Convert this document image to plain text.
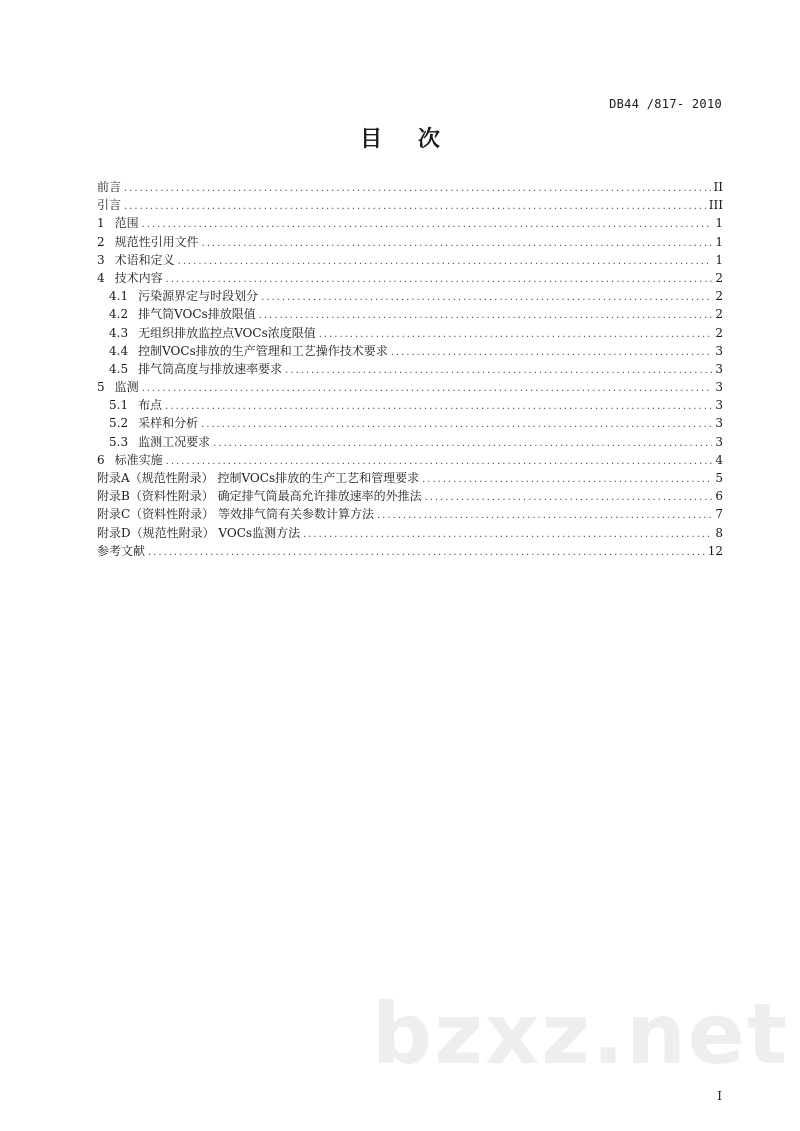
DB44 /817- 2010
目 次
前言 .....	II
引言 .....	III
1 范围 .....	1
2 规范性引用文件 .....	1
3 术语和定义 .....	1
4 技术内容 .....	2
4.1 污染源界定与时段划分 .....	2
4.2 排气筒VOCs排放限值 .....	2
4.3 无组织排放监控点VOCs浓度限值 .....	2
4.4 控制VOCs排放的生产管理和工艺操作技术要求 .....	3
4.5 排气筒高度与排放速率要求 .....	3
5 监测 .....	3
5.1 布点 .....	3
5.2 采样和分析 .....	3
5.3 监测工况要求 .....	3
6 标准实施 .....	4
附录A（规范性附录） 控制VOCs排放的生产工艺和管理要求 .....	5
附录B（资料性附录） 确定排气筒最高允许排放速率的外推法 .....	6
附录C（资料性附录） 等效排气筒有关参数计算方法 .....	7
附录D（规范性附录） VOCs监测方法 .....	8
参考文献 .....	12
bzxz.net
I
